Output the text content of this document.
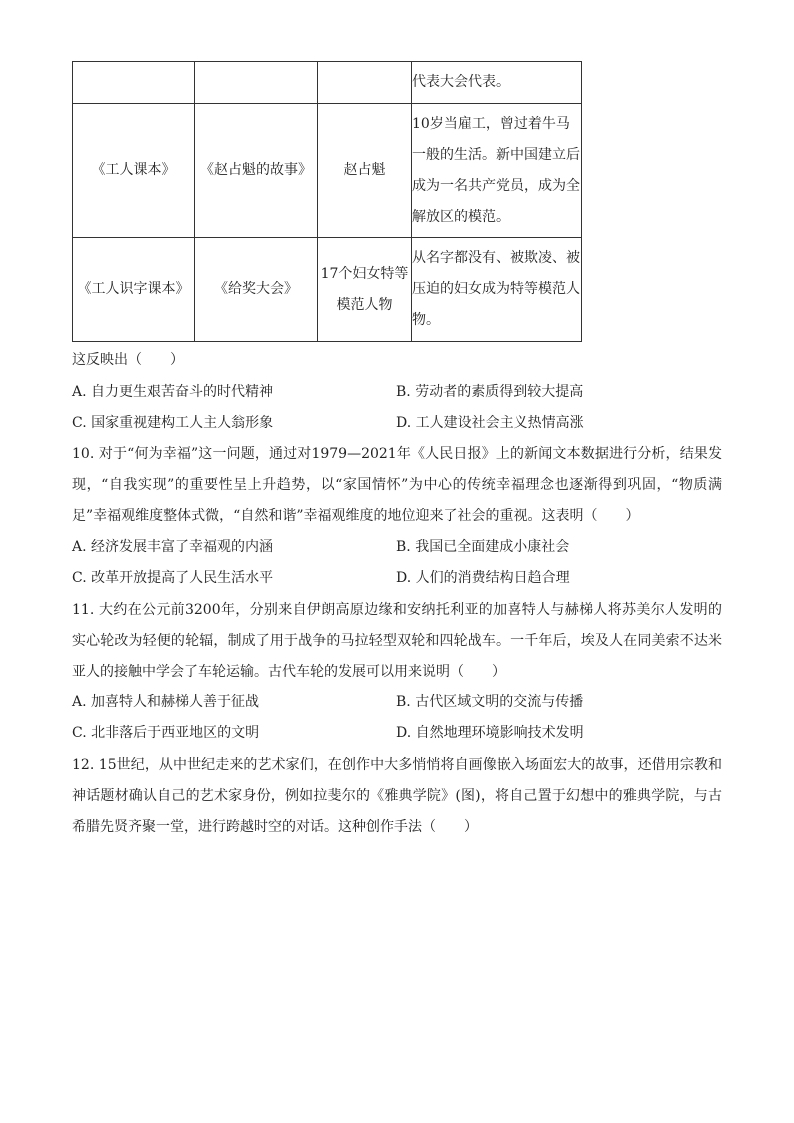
			代表大会代表。
《工人课本》	《赵占魁的故事》	赵占魁	10岁当雇工，曾过着牛马一般的生活。新中国建立后成为一名共产党员，成为全解放区的模范。
《工人识字课本》	《给奖大会》	17个妇女特等模范人物	从名字都没有、被欺凌、被压迫的妇女成为特等模范人物。
这反映出（　　）
A. 自力更生艰苦奋斗的时代精神	B. 劳动者的素质得到较大提高
C. 国家重视建构工人主人翁形象	D. 工人建设社会主义热情高涨
10. 对于“何为幸福”这一问题，通过对1979—2021年《人民日报》上的新闻文本数据进行分析，结果发现，“自我实现”的重要性呈上升趋势，以“家国情怀”为中心的传统幸福理念也逐渐得到巩固，“物质满足”幸福观维度整体式微，“自然和谐”幸福观维度的地位迎来了社会的重视。这表明（　　）
A. 经济发展丰富了幸福观的内涵	B. 我国已全面建成小康社会
C. 改革开放提高了人民生活水平	D. 人们的消费结构日趋合理
11. 大约在公元前3200年，分别来自伊朗高原边缘和安纳托利亚的加喜特人与赫梯人将苏美尔人发明的实心轮改为轻便的轮辐，制成了用于战争的马拉轻型双轮和四轮战车。一千年后，埃及人在同美索不达米亚人的接触中学会了车轮运输。古代车轮的发展可以用来说明（　　）
A. 加喜特人和赫梯人善于征战	B. 古代区域文明的交流与传播
C. 北非落后于西亚地区的文明	D. 自然地理环境影响技术发明
12. 15世纪，从中世纪走来的艺术家们，在创作中大多悄悄将自画像嵌入场面宏大的故事，还借用宗教和神话题材确认自己的艺术家身份，例如拉斐尔的《雅典学院》(图)，将自己置于幻想中的雅典学院，与古希腊先贤齐聚一堂，进行跨越时空的对话。这种创作手法（　　）
